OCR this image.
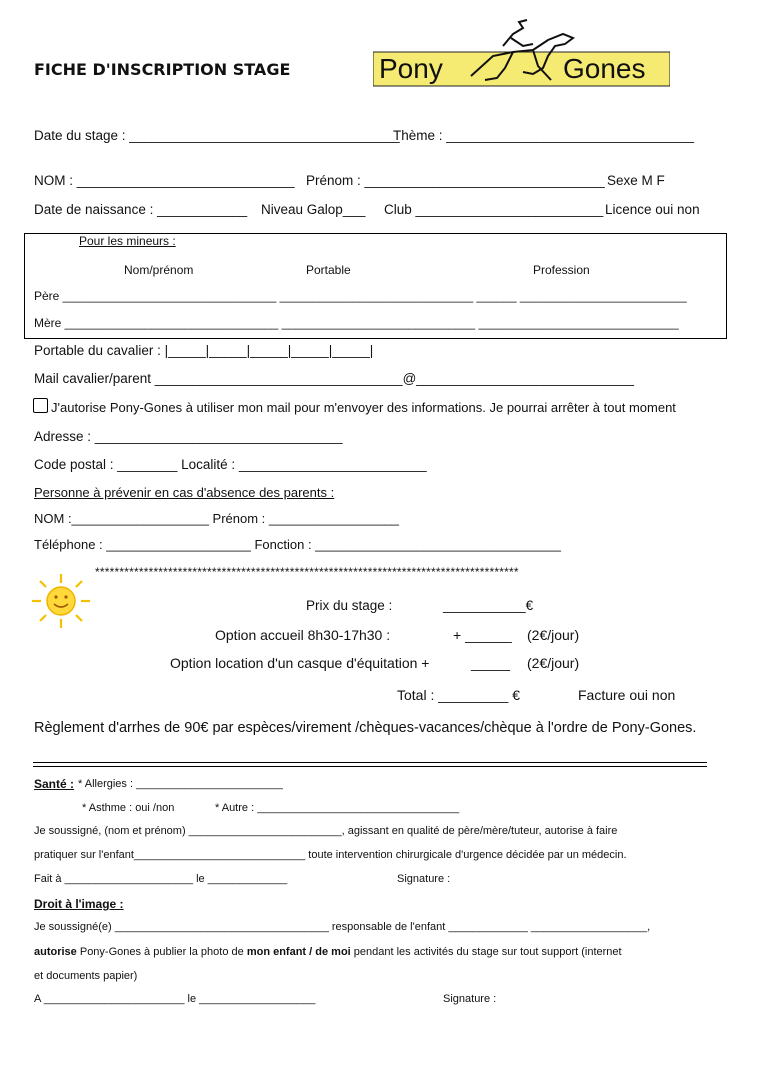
FICHE D'INSCRIPTION STAGE	Pony	Gones
Date du stage : ____________________________________
Thème : _________________________________
NOM : _____________________________ Prénom : ________________________________ Sexe M F
Date de naissance : ____________ Niveau Galop___ Club _________________________ Licence oui non
Pour les mineurs :
Nom/prénom	Portable	Profession
Père ________________________________ _____________________________ ______ _________________________
Mère ________________________________ _____________________________ ______________________________
Portable du cavalier : |_____|_____|_____|_____|_____|
Mail cavalier/parent _________________________________@_____________________________
J'autorise Pony-Gones à utiliser mon mail pour m'envoyer des informations. Je pourrai arrêter à tout moment
Adresse : _________________________________
Code postal : ________ Localité : _________________________
Personne à prévenir en cas d'absence des parents :
NOM :___________________ Prénom : __________________
Téléphone : ____________________ Fonction : __________________________________
***************************************************************************************
Prix du stage :	___________€
Option accueil 8h30-17h30 :	+ ______ (2€/jour)
Option location d'un casque d'équitation +	_____ (2€/jour)
Total : _________ €	Facture oui non
Règlement d'arrhes de 90€ par espèces/virement /chèques-vacances/chèque à l'ordre de Pony-Gones.
Santé : * Allergies : ________________________
* Asthme : oui /non	* Autre : _________________________________
Je soussigné, (nom et prénom) _________________________, agissant en qualité de père/mère/tuteur, autorise à faire
pratiquer sur l'enfant____________________________ toute intervention chirurgicale d'urgence décidée par un médecin.
Fait à _____________________ le _____________	Signature :
Droit à l'image :
Je soussigné(e) ___________________________________ responsable de l'enfant _____________ ___________________,
autorise Pony-Gones à publier la photo de mon enfant / de moi pendant les activités du stage sur tout support (internet
et documents papier)
A _______________________ le ___________________	Signature :
